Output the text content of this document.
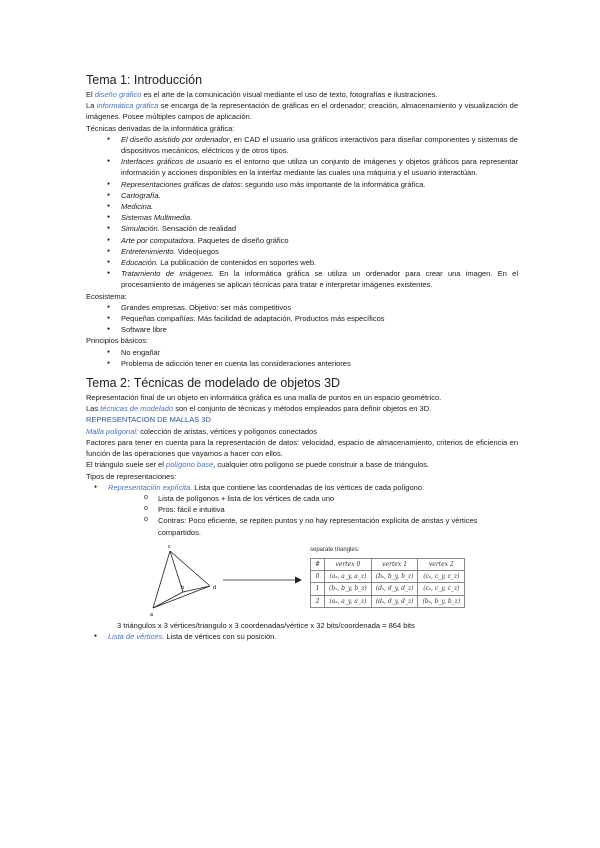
Tema 1: Introducción

El diseño gráfico es el arte de la comunicación visual mediante el uso de texto, fotografías e ilustraciones.

La informática gráfica se encarga de la representación de gráficas en el ordenador; creación, almacenamiento y visualización de imágenes. Posee múltiples campos de aplicación.

Técnicas derivadas de la informática gráfica:

● El diseño asistido por ordenador, en CAD el usuario usa gráficos interactivos para diseñar componentes y sistemas de dispositivos mecánicos, eléctricos y de otros tipos.
● Interfaces gráficos de usuario es el entorno que utiliza un conjunto de imágenes y objetos gráficos para representar información y acciones disponibles en la interfaz mediante las cuales una máquina y el usuario interactúan.
● Representaciones gráficas de datos: segundo uso más importante de la informática gráfica.
● Cartografía.
● Medicina.
● Sistemas Multimedia.
● Simulación. Sensación de realidad
● Arte por computadora. Paquetes de diseño gráfico
● Entretenimiento. Videojuegos
● Educación. La publicación de contenidos en soportes web.
● Tratamiento de imágenes. En la informática gráfica se utiliza un ordenador para crear una imagen. En el procesamiento de imágenes se aplican técnicas para tratar e interpretar imágenes existentes.

Ecosistema:

● Grandes empresas. Objetivo: ser más competitivos
● Pequeñas compañías. Más facilidad de adaptación, Productos más específicos
● Software libre

Principios básicos:

● No engañar
● Problema de adicción tener en cuenta las consideraciones anteriores
Tema 2: Técnicas de modelado de objetos 3D

Representación final de un objeto en informática gráfica es una malla de puntos en un espacio geométrico.

Las técnicas de modelado son el conjunto de técnicas y métodos empleados para definir objetos en 3D.

REPRESENTACION DE MALLAS 3D

Malla poligonal: colección de aristas, vértices y polígonos conectados

Factores para tener en cuenta para la representación de datos: velocidad, espacio de almacenamiento, criterios de eficiencia en función de las operaciones que vayamos a hacer con ellos.

El triángulo suele ser el polígono base, cualquier otro polígono se puede construir a base de triángulos.

Tipos de representaciones:

● Representación explícita. Lista que contiene las coordenadas de los vértices de cada polígono.
o Lista de polígonos + lista de los vértices de cada uno
o Pros: fácil e intuitiva
o Contras: Poco eficiente, se repiten puntos y no hay representación explícita de aristas y vértices compartidos.
c
a
b	d
separate triangles:
#	vertex 0	vertex 1	vertex 2
0	(aₓ, a_y, a_z)	(bₓ, b_y, b_z)	(cₓ, c_y, c_z)
1	(bₓ, b_y, b_z)	(dₓ, d_y, d_z)	(cₓ, c_y, c_z)
2	(aₓ, a_y, a_z)	(dₓ, d_y, d_z)	(bₓ, b_y, b_z)

3 triángulos x 3 vértices/triangulo x 3 coordenadas/vértice x 32 bits/coordenada = 864 bits

● Lista de vértices. Lista de vértices con su posición.
